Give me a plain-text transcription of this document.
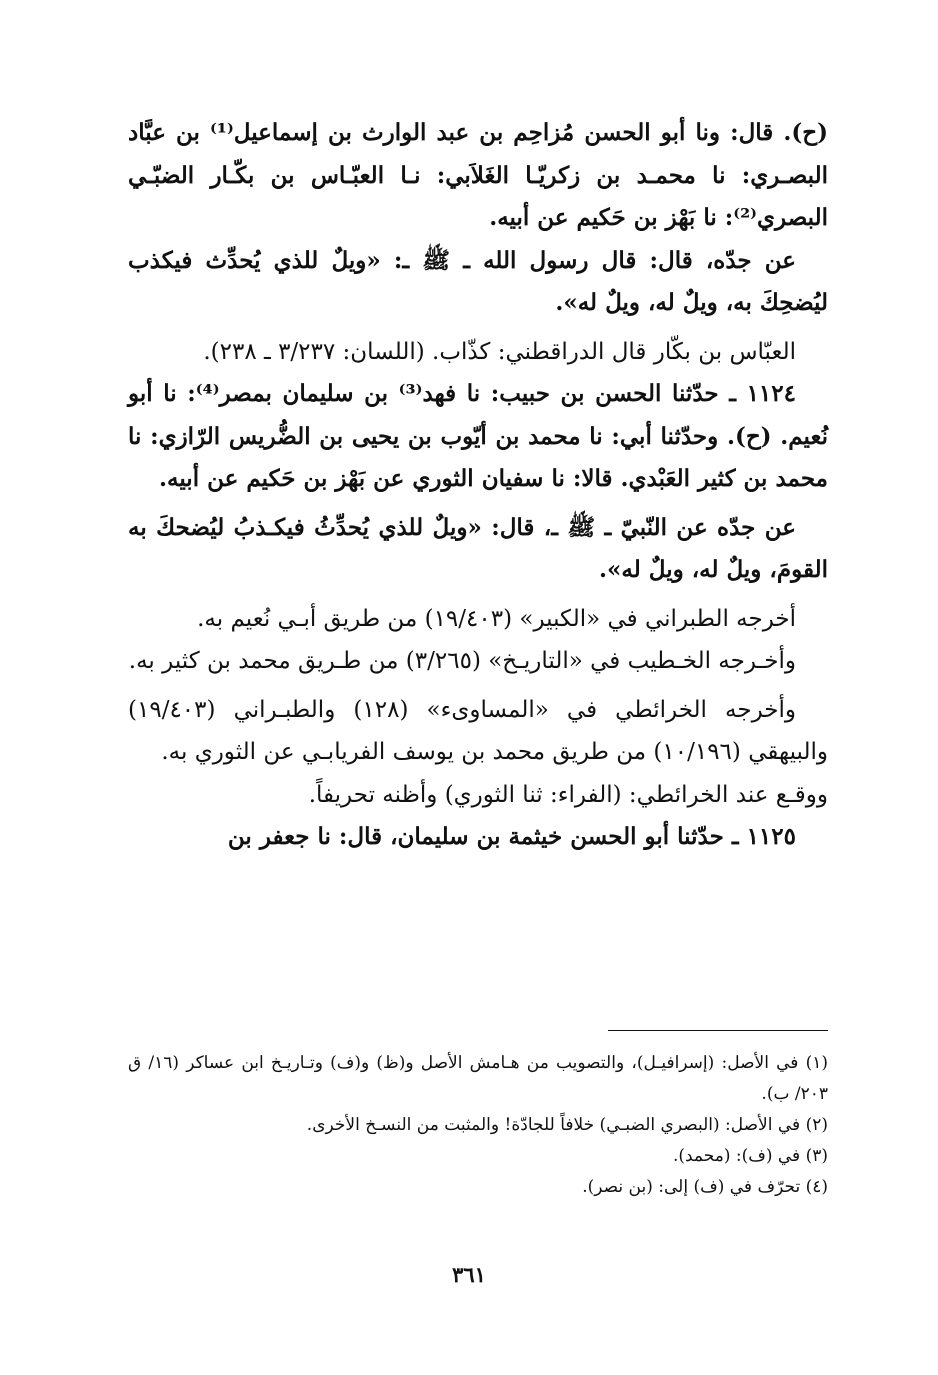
(ح). قال: ونا أبو الحسن مُزاحِم بن عبد الوارث بن إسماعيل⁽¹⁾ بن عبَّاد البصـري: نا محمـد بن زكريّـا الغَلاَبي: نـا العبّـاس بن بكّـار الضبّـي البصري⁽²⁾: نا بَهْز بن حَكيم عن أبيه.

عن جدّه، قال: قال رسول الله ـ ﷺ ـ: «ويلٌ للذي يُحدِّث فيكذب ليُضحِكَ به، ويلٌ له، ويلٌ له».

العبّاس بن بكّار قال الدراقطني: كذّاب. (اللسان: ٣/٢٣٧ ـ ٢٣٨).

١١٢٤ ـ حدّثنا الحسن بن حبيب: نا فهد⁽³⁾ بن سليمان بمصر⁽⁴⁾: نا أبو نُعيم. (ح). وحدّثنا أبي: نا محمد بن أيّوب بن يحيى بن الضُّريس الرّازي: نا محمد بن كثير العَبْدي. قالا: نا سفيان الثوري عن بَهْز بن حَكيم عن أبيه.

عن جدّه عن النّبيّ ـ ﷺ ـ، قال: «ويلٌ للذي يُحدِّثُ فيكـذبُ ليُضحكَ به القومَ، ويلٌ له، ويلٌ له».

أخرجه الطبراني في «الكبير» (١٩/٤٠٣) من طريق أبـي نُعيم به.

وأخـرجه الخـطيب في «التاريـخ» (٣/٢٦٥) من طـريق محمد بن كثير به.

وأخرجه الخرائطي في «المساوىء» (١٢٨) والطبـراني (١٩/٤٠٣) والبيهقي (١٠/١٩٦) من طريق محمد بن يوسف الفريابـي عن الثوري به.

ووقـع عند الخرائطي: (الفراء: ثنا الثوري) وأظنه تحريفاً.

١١٢٥ ـ حدّثنا أبو الحسن خيثمة بن سليمان، قال: نا جعفر بن

(١) في الأصل: (إسرافيـل)، والتصويب من هـامش الأصل و(ظ) و(ف) وتـاريـخ ابن عساكر (١٦/ ق ٢٠٣/ ب).

(٢) في الأصل: (البصري الضبـي) خلافاً للجادّة! والمثبت من النسـخ الأخرى.

(٣) في (ف): (محمد).

(٤) تحرّف في (ف) إلى: (بن نصر).

٣٦١
